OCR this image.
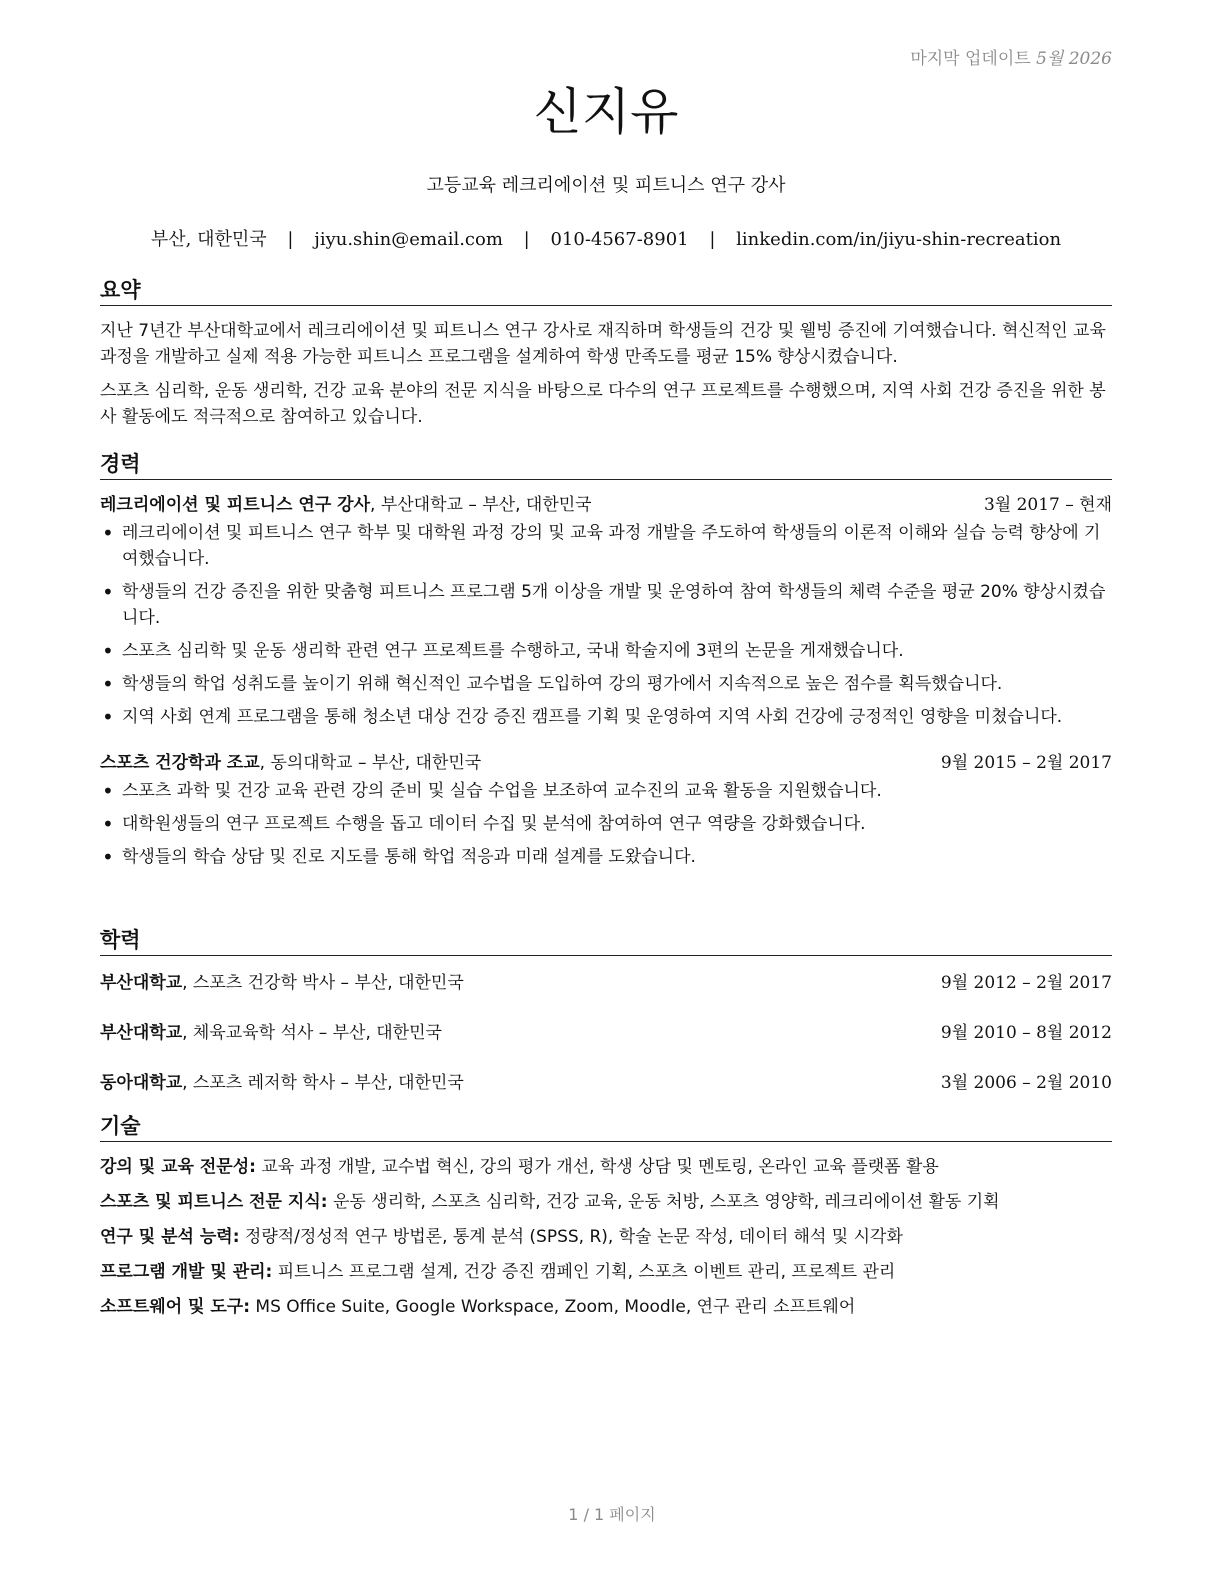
마지막 업데이트 5월 2026
신지유
고등교육 레크리에이션 및 피트니스 연구 강사
부산, 대한민국 | jiyu.shin@email.com | 010-4567-8901 | linkedin.com/in/jiyu-shin-recreation
요약

지난 7년간 부산대학교에서 레크리에이션 및 피트니스 연구 강사로 재직하며 학생들의 건강 및 웰빙 증진에 기여했습니다. 혁신적인 교육 과정을 개발하고 실제 적용 가능한 피트니스 프로그램을 설계하여 학생 만족도를 평균 15% 향상시켰습니다.

스포츠 심리학, 운동 생리학, 건강 교육 분야의 전문 지식을 바탕으로 다수의 연구 프로젝트를 수행했으며, 지역 사회 건강 증진을 위한 봉사 활동에도 적극적으로 참여하고 있습니다.

경력
레크리에이션 및 피트니스 연구 강사, 부산대학교 – 부산, 대한민국	3월 2017 – 현재
• 레크리에이션 및 피트니스 연구 학부 및 대학원 과정 강의 및 교육 과정 개발을 주도하여 학생들의 이론적 이해와 실습 능력 향상에 기여했습니다.
• 학생들의 건강 증진을 위한 맞춤형 피트니스 프로그램 5개 이상을 개발 및 운영하여 참여 학생들의 체력 수준을 평균 20% 향상시켰습니다.
• 스포츠 심리학 및 운동 생리학 관련 연구 프로젝트를 수행하고, 국내 학술지에 3편의 논문을 게재했습니다.
• 학생들의 학업 성취도를 높이기 위해 혁신적인 교수법을 도입하여 강의 평가에서 지속적으로 높은 점수를 획득했습니다.
• 지역 사회 연계 프로그램을 통해 청소년 대상 건강 증진 캠프를 기획 및 운영하여 지역 사회 건강에 긍정적인 영향을 미쳤습니다.
스포츠 건강학과 조교, 동의대학교 – 부산, 대한민국	9월 2015 – 2월 2017
• 스포츠 과학 및 건강 교육 관련 강의 준비 및 실습 수업을 보조하여 교수진의 교육 활동을 지원했습니다.
• 대학원생들의 연구 프로젝트 수행을 돕고 데이터 수집 및 분석에 참여하여 연구 역량을 강화했습니다.
• 학생들의 학습 상담 및 진로 지도를 통해 학업 적응과 미래 설계를 도왔습니다.
학력
부산대학교, 스포츠 건강학 박사 – 부산, 대한민국	9월 2012 – 2월 2017
부산대학교, 체육교육학 석사 – 부산, 대한민국	9월 2010 – 8월 2012
동아대학교, 스포츠 레저학 학사 – 부산, 대한민국	3월 2006 – 2월 2010
기술

강의 및 교육 전문성: 교육 과정 개발, 교수법 혁신, 강의 평가 개선, 학생 상담 및 멘토링, 온라인 교육 플랫폼 활용

스포츠 및 피트니스 전문 지식: 운동 생리학, 스포츠 심리학, 건강 교육, 운동 처방, 스포츠 영양학, 레크리에이션 활동 기획

연구 및 분석 능력: 정량적/정성적 연구 방법론, 통계 분석 (SPSS, R), 학술 논문 작성, 데이터 해석 및 시각화

프로그램 개발 및 관리: 피트니스 프로그램 설계, 건강 증진 캠페인 기획, 스포츠 이벤트 관리, 프로젝트 관리

소프트웨어 및 도구: MS Office Suite, Google Workspace, Zoom, Moodle, 연구 관리 소프트웨어

1 / 1 페이지
